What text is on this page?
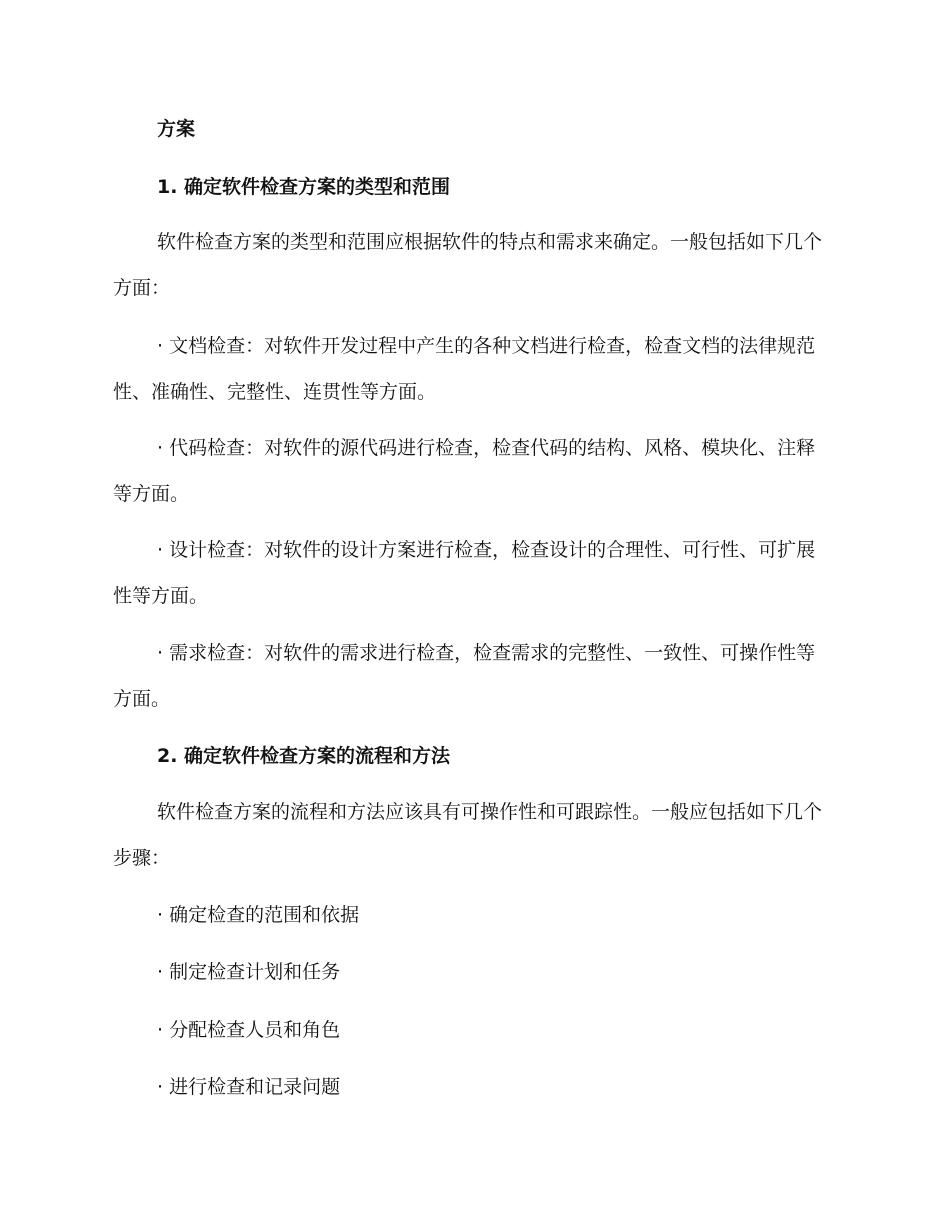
方案

1. 确定软件检查方案的类型和范围

软件检查方案的类型和范围应根据软件的特点和需求来确定。一般包括如下几个方面：

· 文档检查：对软件开发过程中产生的各种文档进行检查，检查文档的法律规范性、准确性、完整性、连贯性等方面。

· 代码检查：对软件的源代码进行检查，检查代码的结构、风格、模块化、注释等方面。

· 设计检查：对软件的设计方案进行检查，检查设计的合理性、可行性、可扩展性等方面。

· 需求检查：对软件的需求进行检查，检查需求的完整性、一致性、可操作性等方面。

2. 确定软件检查方案的流程和方法

软件检查方案的流程和方法应该具有可操作性和可跟踪性。一般应包括如下几个步骤：

· 确定检查的范围和依据

· 制定检查计划和任务

· 分配检查人员和角色

· 进行检查和记录问题
